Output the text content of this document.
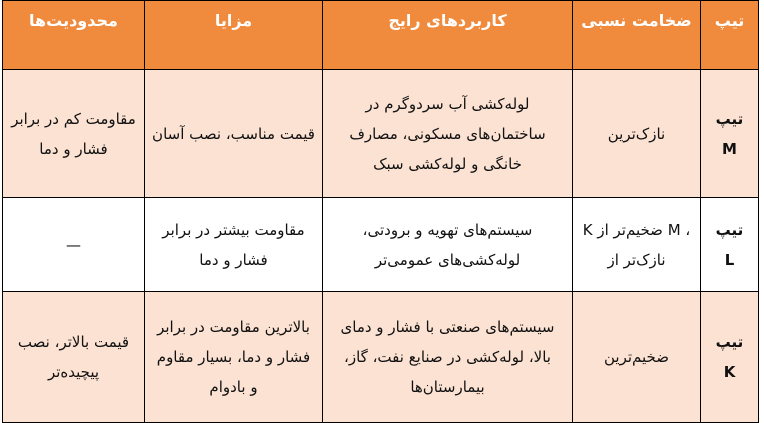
تیپ	ضخامت نسبی	کاربردهای رایج	مزایا	محدودیت‌ها

تیپ
M	نازک‌ترین	لوله‌کشی آب سردوگرم در ساختمان‌های مسکونی، مصارف خانگی و لوله‌کشی سبک	قیمت مناسب، نصب آسان	مقاومت کم در برابر فشار و دما

تیپ
L	، M ضخیم‌تر از K نازک‌تر از	سیستم‌های تهویه و برودتی، لوله‌کشی‌های عمومی‌تر	مقاومت بیشتر در برابر فشار و دما	—

تیپ
K	ضخیم‌ترین	سیستم‌های صنعتی با فشار و دمای بالا، لوله‌کشی در صنایع نفت، گاز، بیمارستان‌ها	بالاترین مقاومت در برابر فشار و دما، بسیار مقاوم و بادوام	قیمت بالاتر، نصب پیچیده‌تر
